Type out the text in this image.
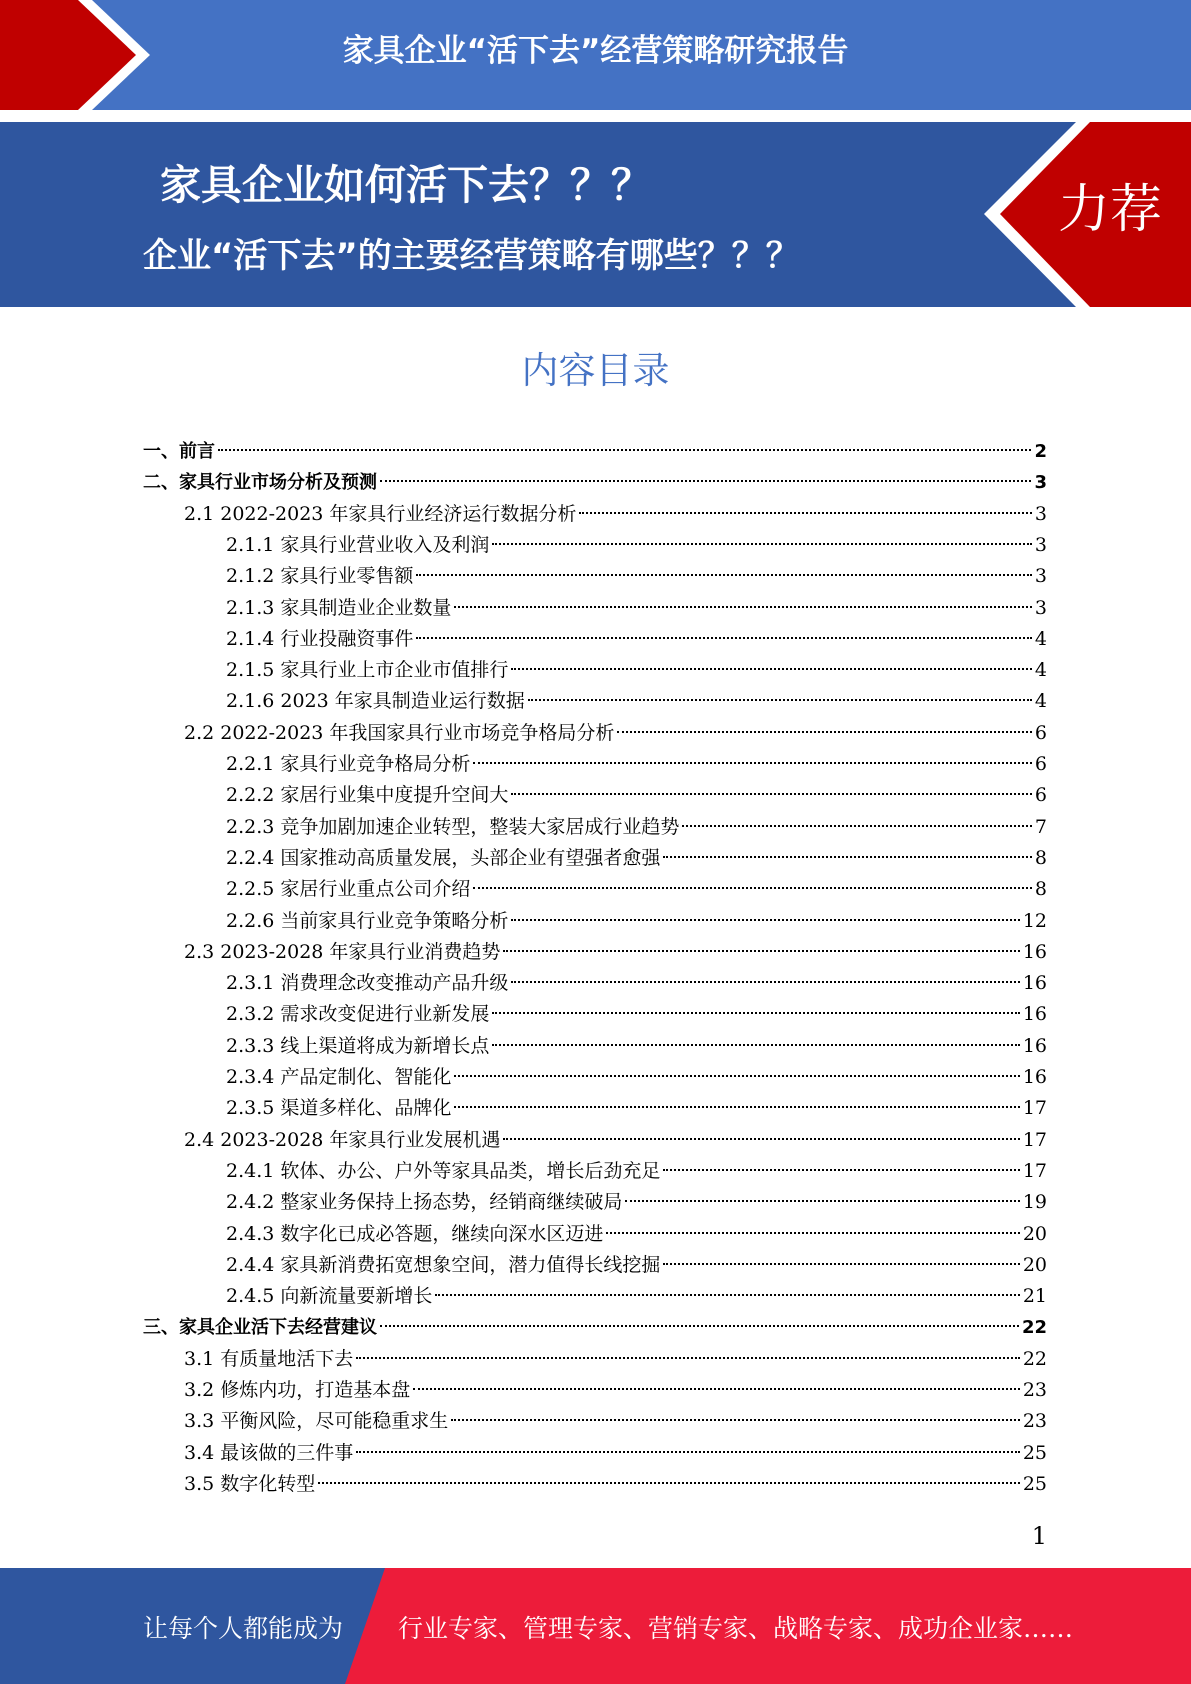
家具企业“活下去”经营策略研究报告
家具企业如何活下去？？？
企业“活下去”的主要经营策略有哪些？？？
力荐
内容目录
一、前言	2
二、家具行业市场分析及预测	3
2.1 2022-2023 年家具行业经济运行数据分析	3
2.1.1 家具行业营业收入及利润	3
2.1.2 家具行业零售额	3
2.1.3 家具制造业企业数量	3
2.1.4 行业投融资事件	4
2.1.5 家具行业上市企业市值排行	4
2.1.6 2023 年家具制造业运行数据	4
2.2 2022-2023 年我国家具行业市场竞争格局分析	6
2.2.1 家具行业竞争格局分析	6
2.2.2 家居行业集中度提升空间大	6
2.2.3 竞争加剧加速企业转型，整装大家居成行业趋势	7
2.2.4 国家推动高质量发展，头部企业有望强者愈强	8
2.2.5 家居行业重点公司介绍	8
2.2.6 当前家具行业竞争策略分析	12
2.3 2023-2028 年家具行业消费趋势	16
2.3.1 消费理念改变推动产品升级	16
2.3.2 需求改变促进行业新发展	16
2.3.3 线上渠道将成为新增长点	16
2.3.4 产品定制化、智能化	16
2.3.5 渠道多样化、品牌化	17
2.4 2023-2028 年家具行业发展机遇	17
2.4.1 软体、办公、户外等家具品类，增长后劲充足	17
2.4.2 整家业务保持上扬态势，经销商继续破局	19
2.4.3 数字化已成必答题，继续向深水区迈进	20
2.4.4 家具新消费拓宽想象空间，潜力值得长线挖掘	20
2.4.5 向新流量要新增长	21
三、家具企业活下去经营建议	22
3.1 有质量地活下去	22
3.2 修炼内功，打造基本盘	23
3.3 平衡风险，尽可能稳重求生	23
3.4 最该做的三件事	25
3.5 数字化转型	25
1
让每个人都能成为 行业专家、管理专家、营销专家、战略专家、成功企业家……
